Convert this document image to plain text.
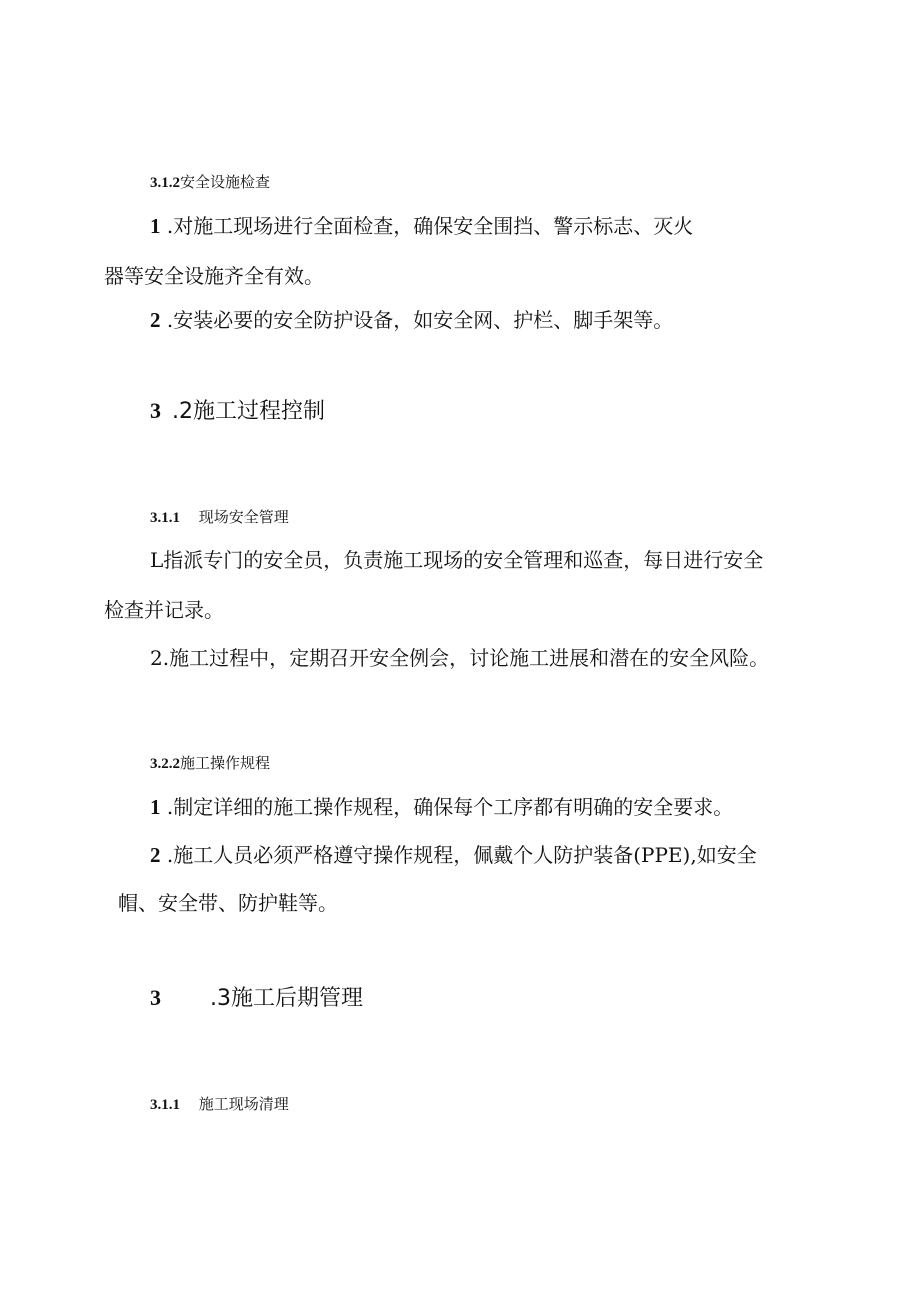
3.1.2安全设施检查
1 .对施工现场进行全面检查，确保安全围挡、警示标志、灭火
器等安全设施齐全有效。
2 .安装必要的安全防护设备，如安全网、护栏、脚手架等。
3 .2施工过程控制
3.1.1 现场安全管理
L指派专门的安全员，负责施工现场的安全管理和巡查，每日进行安全
检查并记录。
2.施工过程中，定期召开安全例会，讨论施工进展和潜在的安全风险。
3.2.2施工操作规程
1 .制定详细的施工操作规程，确保每个工序都有明确的安全要求。
2 .施工人员必须严格遵守操作规程，佩戴个人防护装备(PPE),如安全
帽、安全带、防护鞋等。
3 .3施工后期管理
3.1.1 施工现场清理
